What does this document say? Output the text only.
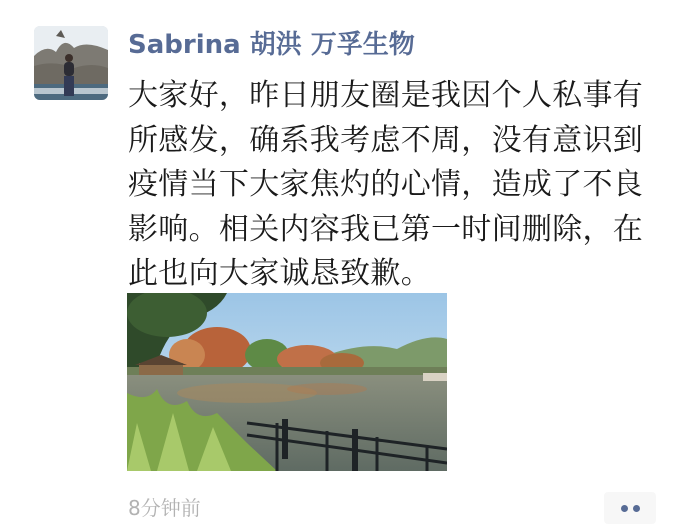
Sabrina 胡洪 万孚生物
大家好，昨日朋友圈是我因个人私事有
所感发，确系我考虑不周，没有意识到
疫情当下大家焦灼的心情，造成了不良
影响。相关内容我已第一时间删除，在
此也向大家诚恳致歉。
8分钟前
